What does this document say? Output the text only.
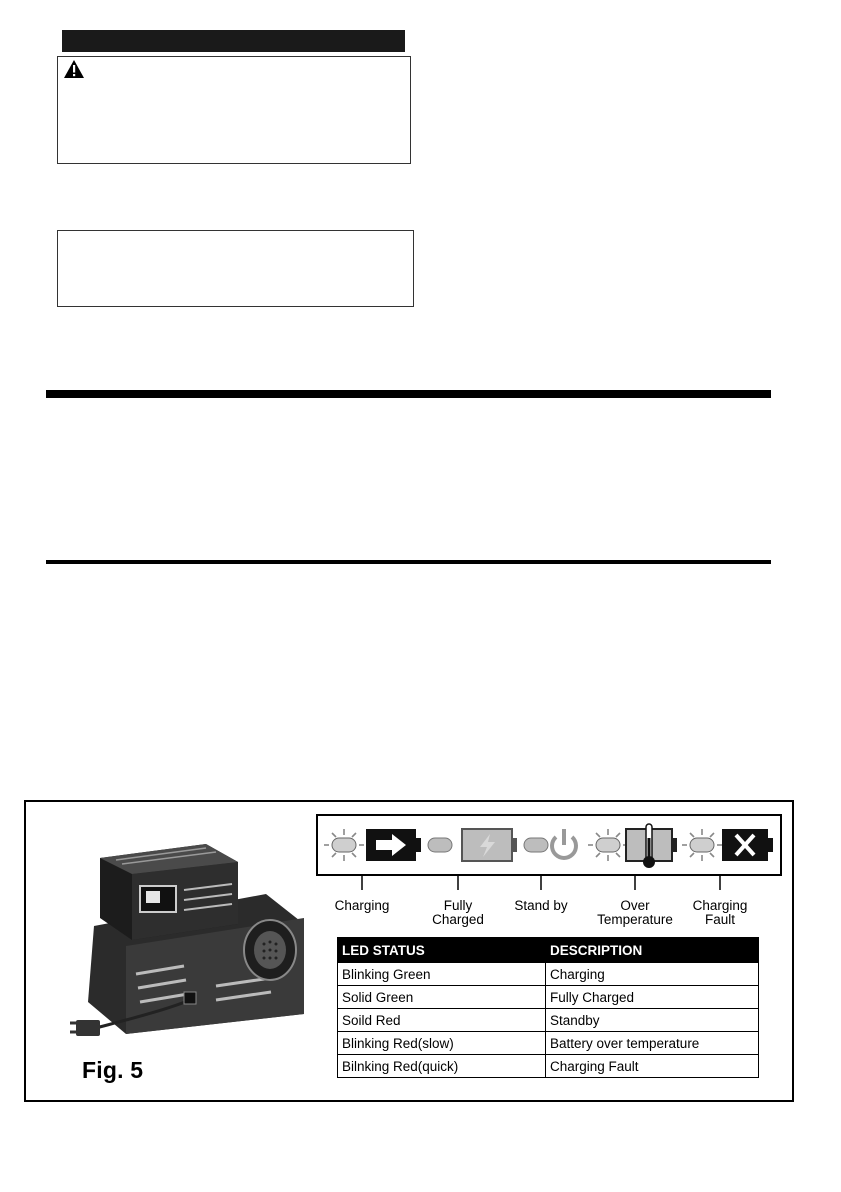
Fig. 5
Charging	Fully
Charged
Stand by	Over
Temperature
Charging
Fault
LED STATUS	DESCRIPTION
Blinking Green	Charging
Solid Green	Fully Charged
Soild Red	Standby
Blinking Red(slow)	Battery over temperature
Bilnking Red(quick)	Charging Fault
